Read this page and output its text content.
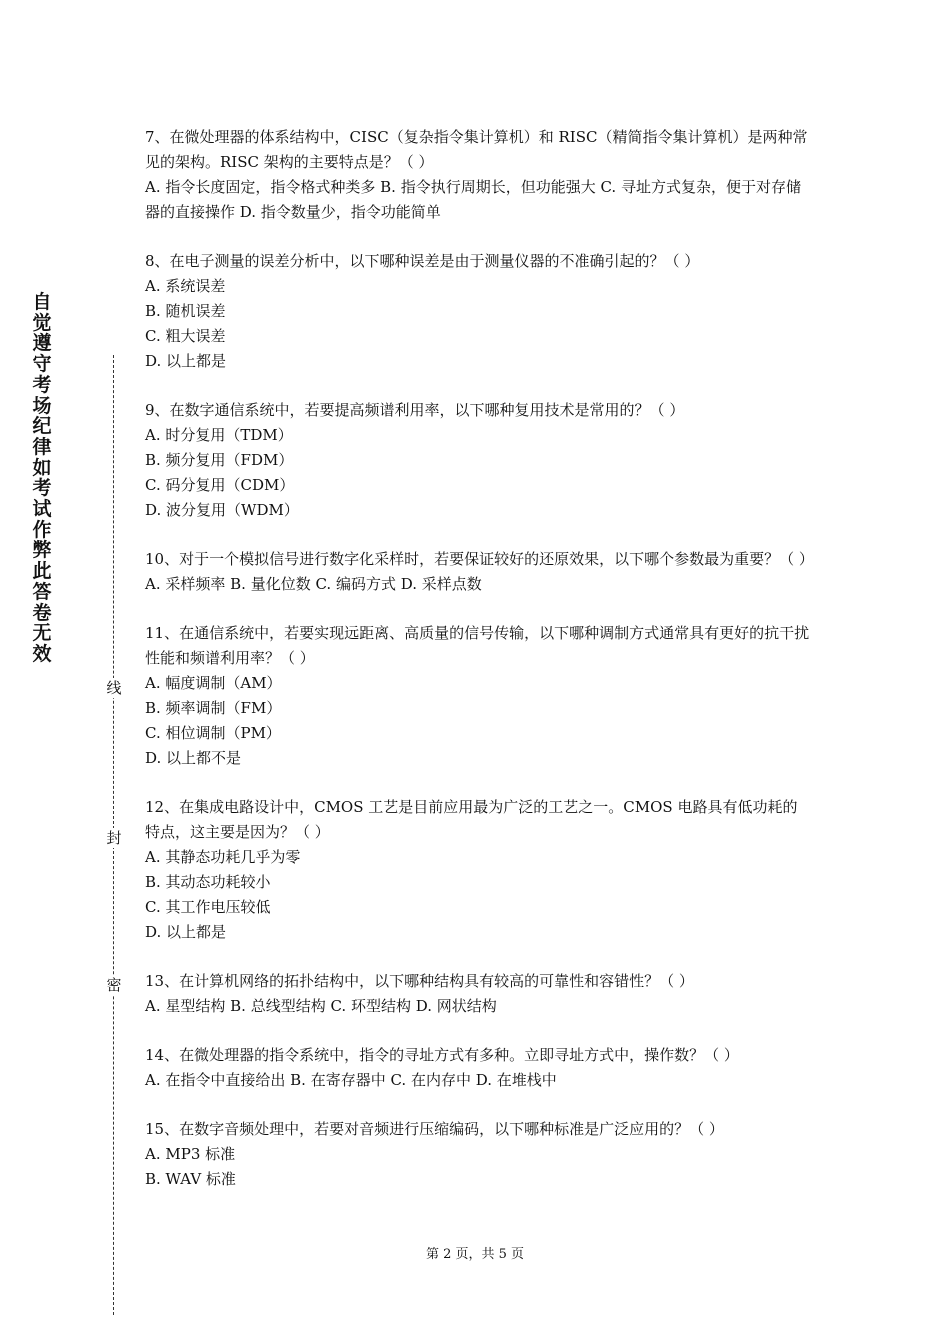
自觉遵守考场纪律如考试作弊此答卷无效
线
封
密

7、在微处理器的体系结构中，CISC（复杂指令集计算机）和 RISC（精简指令集计算机）是两种常见的架构。RISC 架构的主要特点是？（ ）

A. 指令长度固定，指令格式种类多 B. 指令执行周期长，但功能强大 C. 寻址方式复杂，便于对存储器的直接操作 D. 指令数量少，指令功能简单

8、在电子测量的误差分析中，以下哪种误差是由于测量仪器的不准确引起的？（ ）

A. 系统误差

B. 随机误差

C. 粗大误差

D. 以上都是

9、在数字通信系统中，若要提高频谱利用率，以下哪种复用技术是常用的？（ ）

A. 时分复用（TDM）

B. 频分复用（FDM）

C. 码分复用（CDM）

D. 波分复用（WDM）

10、对于一个模拟信号进行数字化采样时，若要保证较好的还原效果，以下哪个参数最为重要？（ ）

A. 采样频率 B. 量化位数 C. 编码方式 D. 采样点数

11、在通信系统中，若要实现远距离、高质量的信号传输，以下哪种调制方式通常具有更好的抗干扰性能和频谱利用率？（ ）

A. 幅度调制（AM）

B. 频率调制（FM）

C. 相位调制（PM）

D. 以上都不是

12、在集成电路设计中，CMOS 工艺是目前应用最为广泛的工艺之一。CMOS 电路具有低功耗的特点，这主要是因为？（ ）

A. 其静态功耗几乎为零

B. 其动态功耗较小

C. 其工作电压较低

D. 以上都是

13、在计算机网络的拓扑结构中，以下哪种结构具有较高的可靠性和容错性？（ ）

A. 星型结构 B. 总线型结构 C. 环型结构 D. 网状结构

14、在微处理器的指令系统中，指令的寻址方式有多种。立即寻址方式中，操作数？（ ）

A. 在指令中直接给出 B. 在寄存器中 C. 在内存中 D. 在堆栈中

15、在数字音频处理中，若要对音频进行压缩编码，以下哪种标准是广泛应用的？（ ）

A. MP3 标准

B. WAV 标准

第 2 页，共 5 页
